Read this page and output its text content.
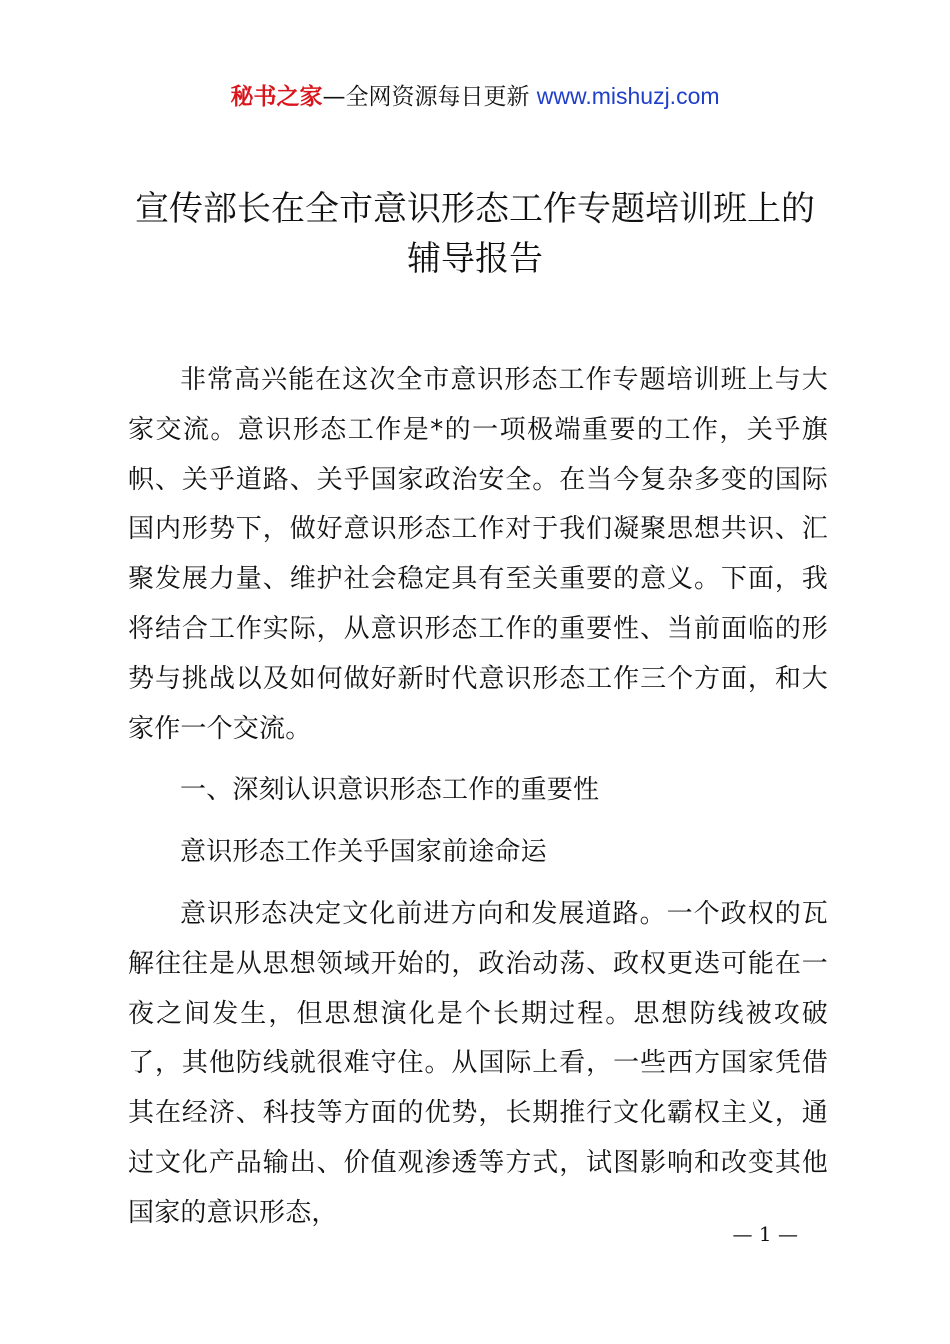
秘书之家—全网资源每日更新 www.mishuzj.com
宣传部长在全市意识形态工作专题培训班上的
辅导报告

非常高兴能在这次全市意识形态工作专题培训班上与大家交流。意识形态工作是*的一项极端重要的工作，关乎旗帜、关乎道路、关乎国家政治安全。在当今复杂多变的国际国内形势下，做好意识形态工作对于我们凝聚思想共识、汇聚发展力量、维护社会稳定具有至关重要的意义。下面，我将结合工作实际，从意识形态工作的重要性、当前面临的形势与挑战以及如何做好新时代意识形态工作三个方面，和大家作一个交流。

一、深刻认识意识形态工作的重要性

意识形态工作关乎国家前途命运

意识形态决定文化前进方向和发展道路。一个政权的瓦解往往是从思想领域开始的，政治动荡、政权更迭可能在一夜之间发生，但思想演化是个长期过程。思想防线被攻破了，其他防线就很难守住。从国际上看，一些西方国家凭借其在经济、科技等方面的优势，长期推行文化霸权主义，通过文化产品输出、价值观渗透等方式，试图影响和改变其他国家的意识形态，

— 1 —
